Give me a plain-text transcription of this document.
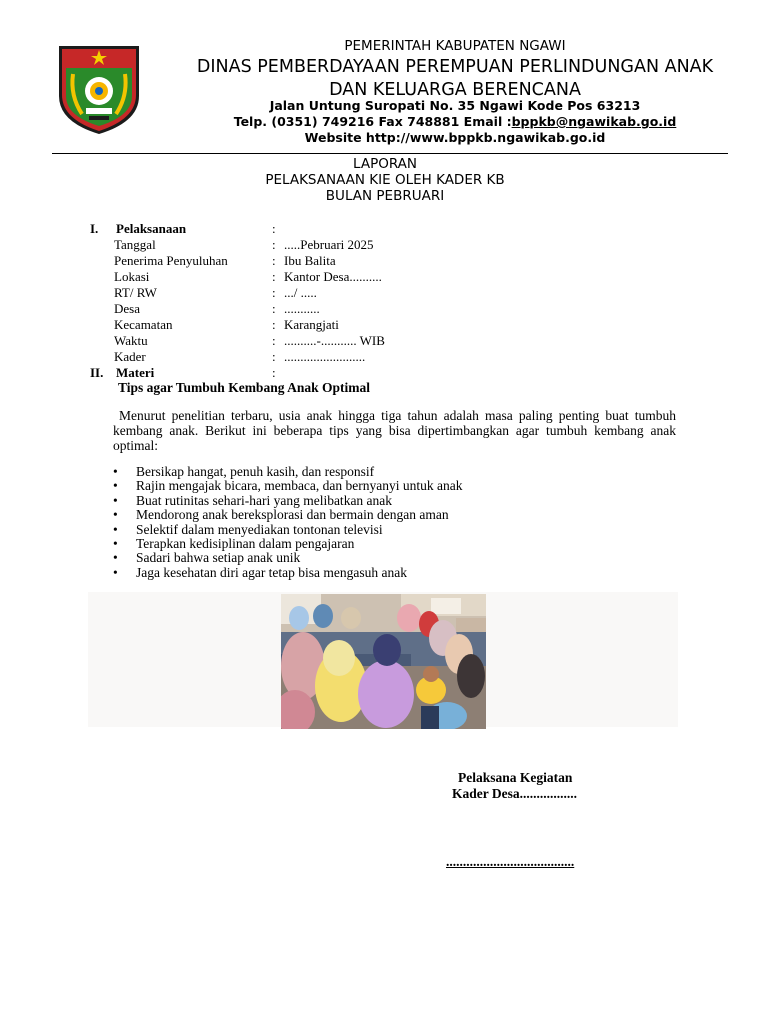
PEMERINTAH KABUPATEN NGAWI
DINAS PEMBERDAYAAN PEREMPUAN PERLINDUNGAN ANAK
DAN KELUARGA BERENCANA
Jalan Untung Suropati No. 35 Ngawi Kode Pos 63213
Telp. (0351) 749216 Fax 748881 Email :bppkb@ngawikab.go.id
Website http://www.bppkb.ngawikab.go.id
LAPORAN
PELAKSANAAN KIE OLEH KADER KB
BULAN PEBRUARI
I. Pelaksanaan	:
Tanggal	: .....Pebruari 2025
Penerima Penyuluhan	: Ibu Balita
Lokasi	: Kantor Desa..........
RT/ RW	: .../ .....
Desa	: ...........
Kecamatan	: Karangjati
Waktu	: ..........-........... WIB
Kader	: .........................
II. Materi	:
Tips agar Tumbuh Kembang Anak Optimal
Menurut penelitian terbaru, usia anak hingga tiga tahun adalah masa paling penting buat tumbuh kembang anak. Berikut ini beberapa tips yang bisa dipertimbangkan agar tumbuh kembang anak optimal:
• Bersikap hangat, penuh kasih, dan responsif
• Rajin mengajak bicara, membaca, dan bernyanyi untuk anak
• Buat rutinitas sehari-hari yang melibatkan anak
• Mendorong anak bereksplorasi dan bermain dengan aman
• Selektif dalam menyediakan tontonan televisi
• Terapkan kedisiplinan dalam pengajaran
• Sadari bahwa setiap anak unik
• Jaga kesehatan diri agar tetap bisa mengasuh anak
Pelaksana Kegiatan
Kader Desa.................
......................................
